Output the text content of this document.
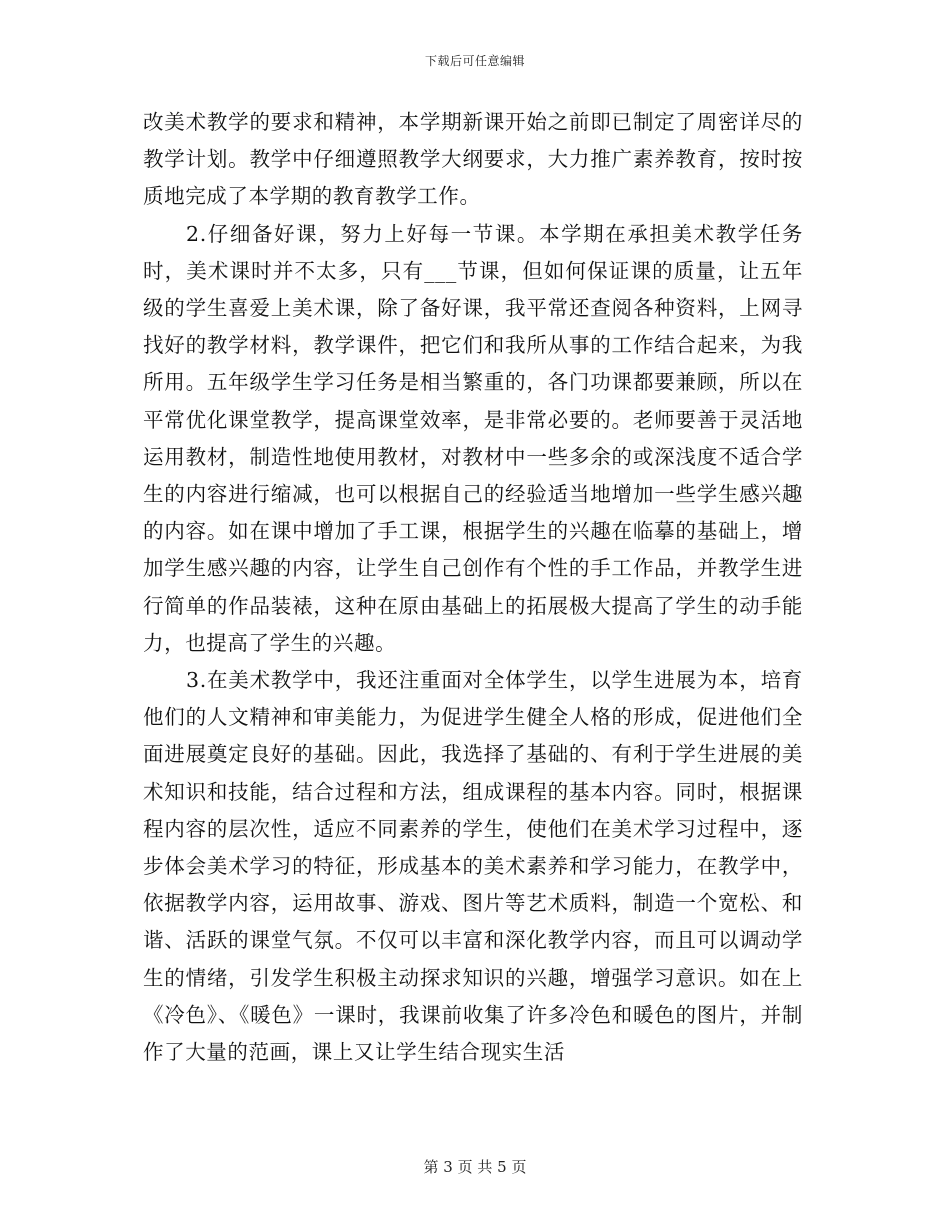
下载后可任意编辑

改美术教学的要求和精神，本学期新课开始之前即已制定了周密详尽的教学计划。教学中仔细遵照教学大纲要求，大力推广素养教育，按时按质地完成了本学期的教育教学工作。

2.仔细备好课，努力上好每一节课。本学期在承担美术教学任务时，美术课时并不太多，只有___节课，但如何保证课的质量，让五年级的学生喜爱上美术课，除了备好课，我平常还查阅各种资料，上网寻找好的教学材料，教学课件，把它们和我所从事的工作结合起来，为我所用。五年级学生学习任务是相当繁重的，各门功课都要兼顾，所以在平常优化课堂教学，提高课堂效率，是非常必要的。老师要善于灵活地运用教材，制造性地使用教材，对教材中一些多余的或深浅度不适合学生的内容进行缩减，也可以根据自己的经验适当地增加一些学生感兴趣的内容。如在课中增加了手工课，根据学生的兴趣在临摹的基础上，增加学生感兴趣的内容，让学生自己创作有个性的手工作品，并教学生进行简单的作品装裱，这种在原由基础上的拓展极大提高了学生的动手能力，也提高了学生的兴趣。

3.在美术教学中，我还注重面对全体学生，以学生进展为本，培育他们的人文精神和审美能力，为促进学生健全人格的形成，促进他们全面进展奠定良好的基础。因此，我选择了基础的、有利于学生进展的美术知识和技能，结合过程和方法，组成课程的基本内容。同时，根据课程内容的层次性，适应不同素养的学生，使他们在美术学习过程中，逐步体会美术学习的特征，形成基本的美术素养和学习能力，在教学中，依据教学内容，运用故事、游戏、图片等艺术质料，制造一个宽松、和谐、活跃的课堂气氛。不仅可以丰富和深化教学内容，而且可以调动学生的情绪，引发学生积极主动探求知识的兴趣，增强学习意识。如在上《冷色》、《暖色》一课时，我课前收集了许多冷色和暖色的图片，并制作了大量的范画，课上又让学生结合现实生活

第 3 页 共 5 页
